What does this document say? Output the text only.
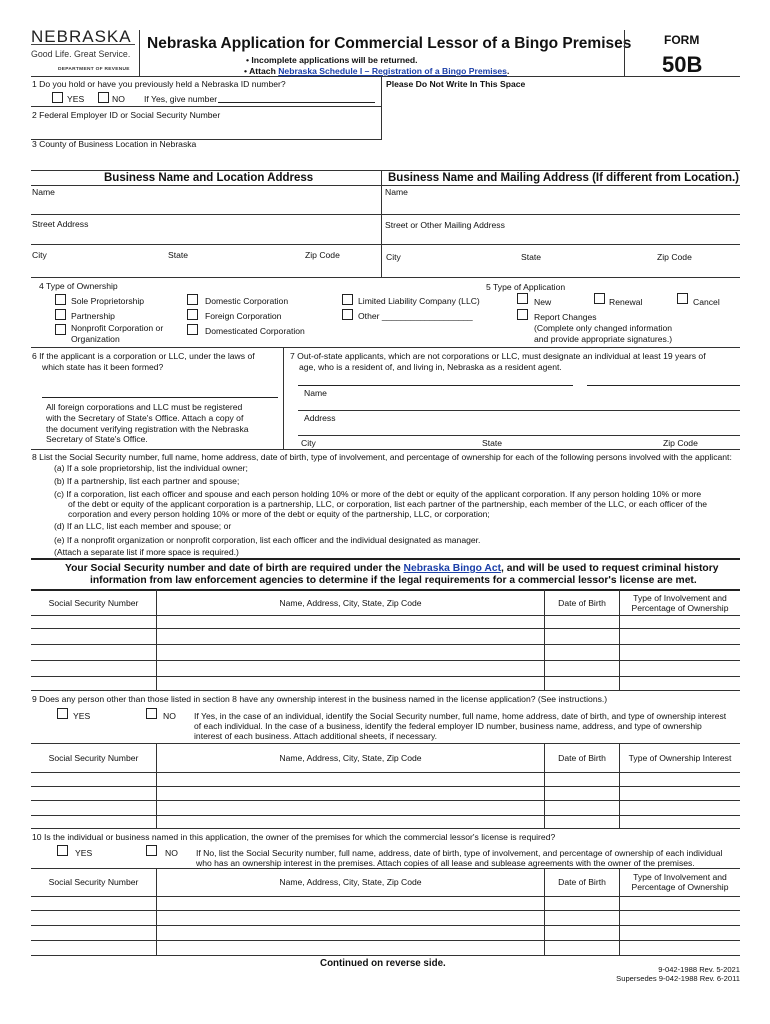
NEBRASKA
Good Life. Great Service.
DEPARTMENT OF REVENUE
Nebraska Application for Commercial Lessor of a Bingo Premises
• Incomplete applications will be returned.
• Attach Nebraska Schedule I – Registration of a Bingo Premises.
FORM
50B
1 Do you hold or have you previously held a Nebraska ID number?
YES	NO If Yes, give number
Please Do Not Write In This Space
2 Federal Employer ID or Social Security Number
3 County of Business Location in Nebraska
Business Name and Location Address	Business Name and Mailing Address (If different from Location.)
Name	Name
Street Address	Street or Other Mailing Address
City	State	Zip Code	City	State	Zip Code
4 Type of Ownership
Sole Proprietorship
Partnership
Nonprofit Corporation or
Organization
Domestic Corporation
Foreign Corporation
Domesticated Corporation
Limited Liability Company (LLC)
Other ___________________
5 Type of Application
New	Renewal	Cancel
Report Changes
(Complete only changed information
and provide appropriate signatures.)
6 If the applicant is a corporation or LLC, under the laws of
which state has it been formed?
All foreign corporations and LLC must be registered
with the Secretary of State's Office. Attach a copy of
the document verifying registration with the Nebraska
Secretary of State's Office.
7 Out-of-state applicants, which are not corporations or LLC, must designate an individual at least 19 years of
age, who is a resident of, and living in, Nebraska as a resident agent.
Name
Address
City	State	Zip Code
8 List the Social Security number, full name, home address, date of birth, type of involvement, and percentage of ownership for each of the following persons involved with the applicant:
(a) If a sole proprietorship, list the individual owner;
(b) If a partnership, list each partner and spouse;
(c) If a corporation, list each officer and spouse and each person holding 10% or more of the debt or equity of the applicant corporation. If any person holding 10% or more
of the debt or equity of the applicant corporation is a partnership, LLC, or corporation, list each partner of the partnership, each member of the LLC, or each officer of the
corporation and every person holding 10% or more of the debt or equity of the partnership, LLC, or corporation;
(d) If an LLC, list each member and spouse; or
(e) If a nonprofit organization or nonprofit corporation, list each officer and the individual designated as manager.
(Attach a separate list if more space is required.)
Your Social Security number and date of birth are required under the Nebraska Bingo Act, and will be used to request criminal history
information from law enforcement agencies to determine if the legal requirements for a commercial lessor's license are met.
Social Security Number	Name, Address, City, State, Zip Code	Date of Birth	Type of Involvement and
Percentage of Ownership
9 Does any person other than those listed in section 8 have any ownership interest in the business named in the license application? (See instructions.)
YES	NO If Yes, in the case of an individual, identify the Social Security number, full name, home address, date of birth, and type of ownership interest
of each individual. In the case of a business, identify the federal employer ID number, business name, address, and type of ownership
interest of each business. Attach additional sheets, if necessary.
Social Security Number	Name, Address, City, State, Zip Code	Date of Birth	Type of Ownership Interest
10 Is the individual or business named in this application, the owner of the premises for which the commercial lessor's license is required?
YES	NO If No, list the Social Security number, full name, address, date of birth, type of involvement, and percentage of ownership of each individual
who has an ownership interest in the premises. Attach copies of all lease and sublease agreements with the owner of the premises.
Social Security Number	Name, Address, City, State, Zip Code	Date of Birth	Type of Involvement and
Percentage of Ownership
Continued on reverse side.
9-042-1988 Rev. 5-2021
Supersedes 9-042-1988 Rev. 6-2011
